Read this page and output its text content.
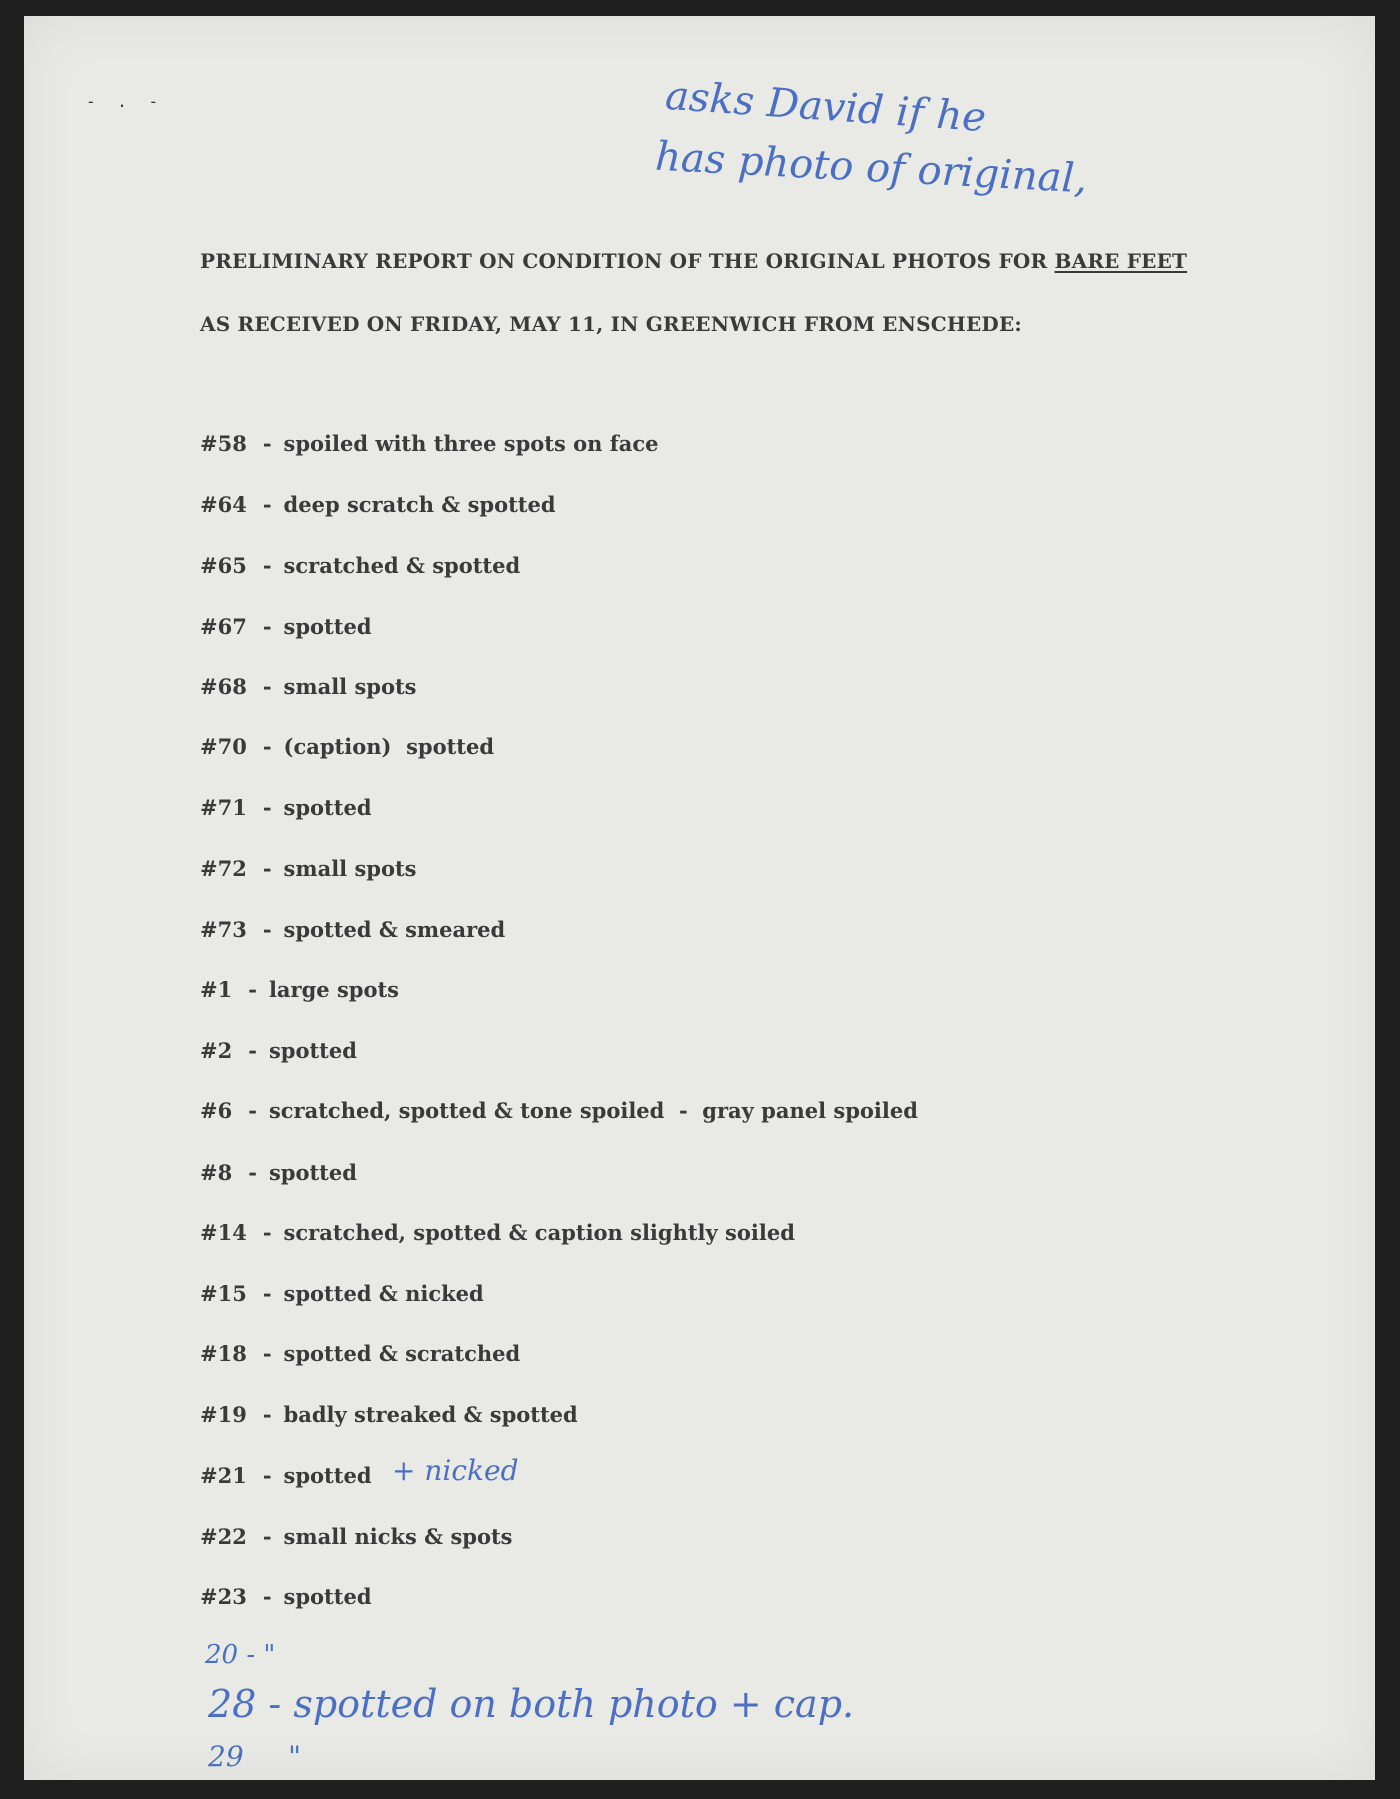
- . -	asks David if he
has photo of original,
PRELIMINARY REPORT ON CONDITION OF THE ORIGINAL PHOTOS FOR BARE FEET
AS RECEIVED ON FRIDAY, MAY 11, IN GREENWICH FROM ENSCHEDE:
#58 - spoiled with three spots on face
#64 - deep scratch & spotted
#65 - scratched & spotted
#67 - spotted
#68 - small spots
#70 - (caption)  spotted
#71 - spotted
#72 - small spots
#73 - spotted & smeared
#1 - large spots
#2 - spotted
#6 - scratched, spotted & tone spoiled  -  gray panel spoiled
#8 - spotted
#14 - scratched, spotted & caption slightly soiled
#15 - spotted & nicked
#18 - spotted & scratched
#19 - badly streaked & spotted
#21 - spotted
#22 - small nicks & spots
#23 - spotted
+ nicked
20 - "
28 - spotted on both photo + cap.
29     "
